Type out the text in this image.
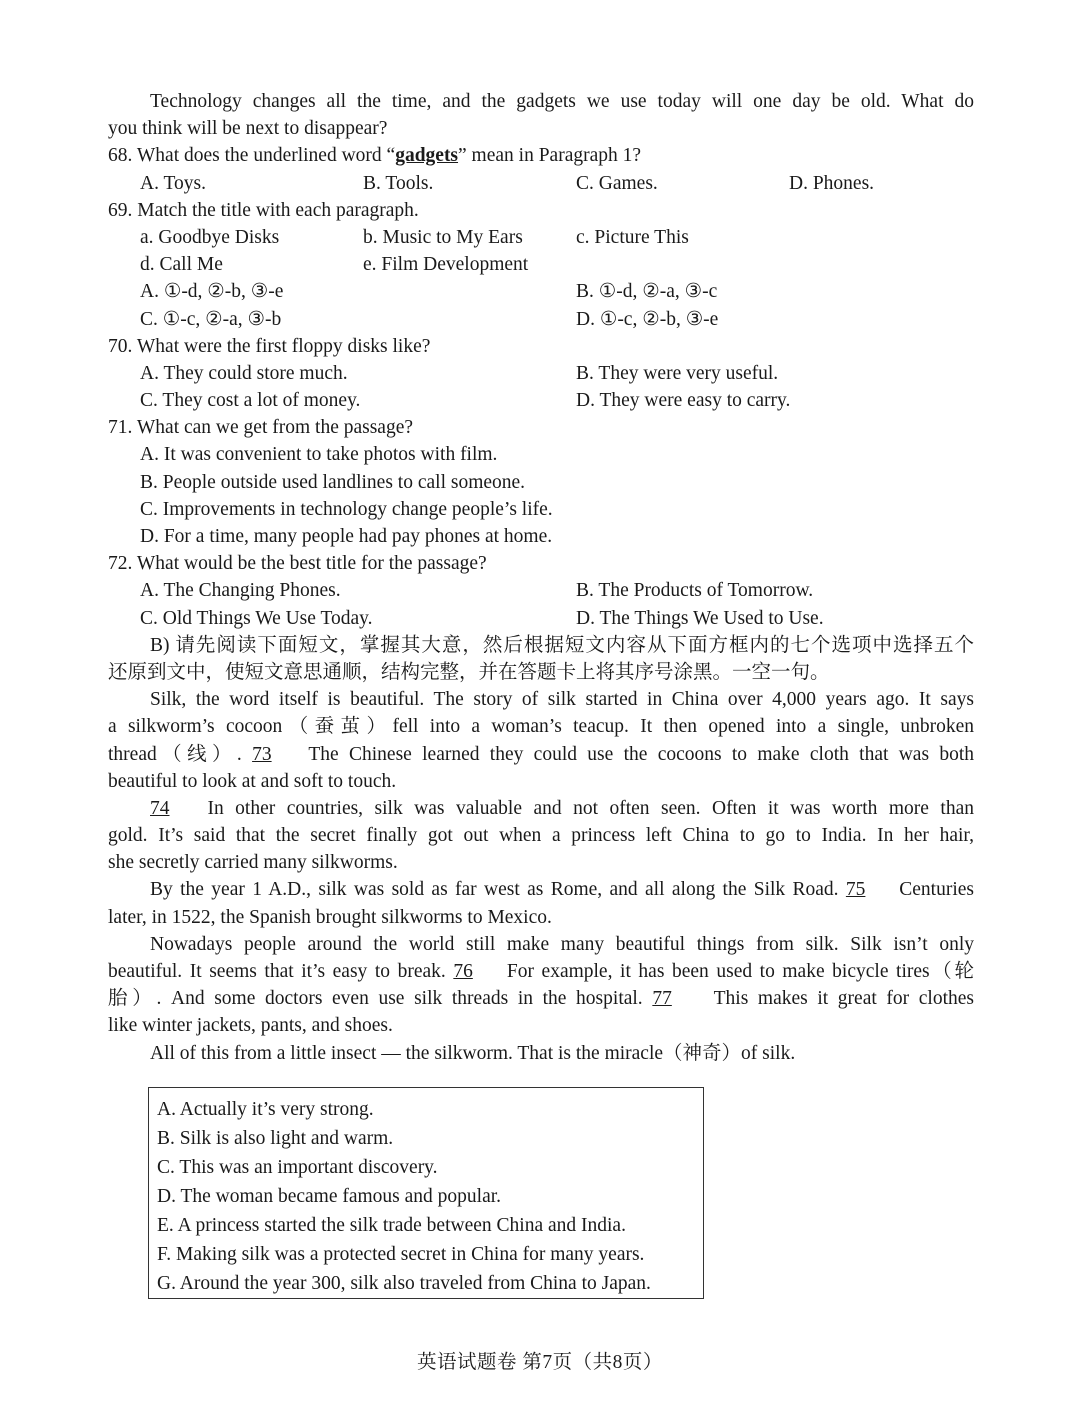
Technology changes all the time, and the gadgets we use today will one day be old. What do
you think will be next to disappear?
68. What does the underlined word “gadgets” mean in Paragraph 1?
A. Toys.	B. Tools.	C. Games.	D. Phones.
69. Match the title with each paragraph.
a. Goodbye Disks	b. Music to My Ears	c. Picture This
d. Call Me	e. Film Development
A. ①-d, ②-b, ③-e	B. ①-d, ②-a, ③-c
C. ①-c, ②-a, ③-b	D. ①-c, ②-b, ③-e
70. What were the first floppy disks like?
A. They could store much.	B. They were very useful.
C. They cost a lot of money.	D. They were easy to carry.
71. What can we get from the passage?
A. It was convenient to take photos with film.
B. People outside used landlines to call someone.
C. Improvements in technology change people’s life.
D. For a time, many people had pay phones at home.
72. What would be the best title for the passage?
A. The Changing Phones.	B. The Products of Tomorrow.
C. Old Things We Use Today.	D. The Things We Used to Use.
B) 请先阅读下面短文，掌握其大意，然后根据短文内容从下面方框内的七个选项中选择五个
还原到文中，使短文意思通顺，结构完整，并在答题卡上将其序号涂黑。一空一句。
Silk, the word itself is beautiful. The story of silk started in China over 4,000 years ago. It says
a silkworm’s cocoon（蚕茧）fell into a woman’s teacup. It then opened into a single, unbroken
thread（线）. 73 The Chinese learned they could use the cocoons to make cloth that was both
beautiful to look at and soft to touch.
74 In other countries, silk was valuable and not often seen. Often it was worth more than
gold. It’s said that the secret finally got out when a princess left China to go to India. In her hair,
she secretly carried many silkworms.
By the year 1 A.D., silk was sold as far west as Rome, and all along the Silk Road. 75 Centuries
later, in 1522, the Spanish brought silkworms to Mexico.
Nowadays people around the world still make many beautiful things from silk. Silk isn’t only
beautiful. It seems that it’s easy to break. 76 For example, it has been used to make bicycle tires（轮
胎）. And some doctors even use silk threads in the hospital. 77 This makes it great for clothes
like winter jackets, pants, and shoes.
All of this from a little insect — the silkworm. That is the miracle（神奇）of silk.
A. Actually it’s very strong.
B. Silk is also light and warm.
C. This was an important discovery.
D. The woman became famous and popular.
E. A princess started the silk trade between China and India.
F. Making silk was a protected secret in China for many years.
G. Around the year 300, silk also traveled from China to Japan.
英语试题卷 第7页（共8页）
